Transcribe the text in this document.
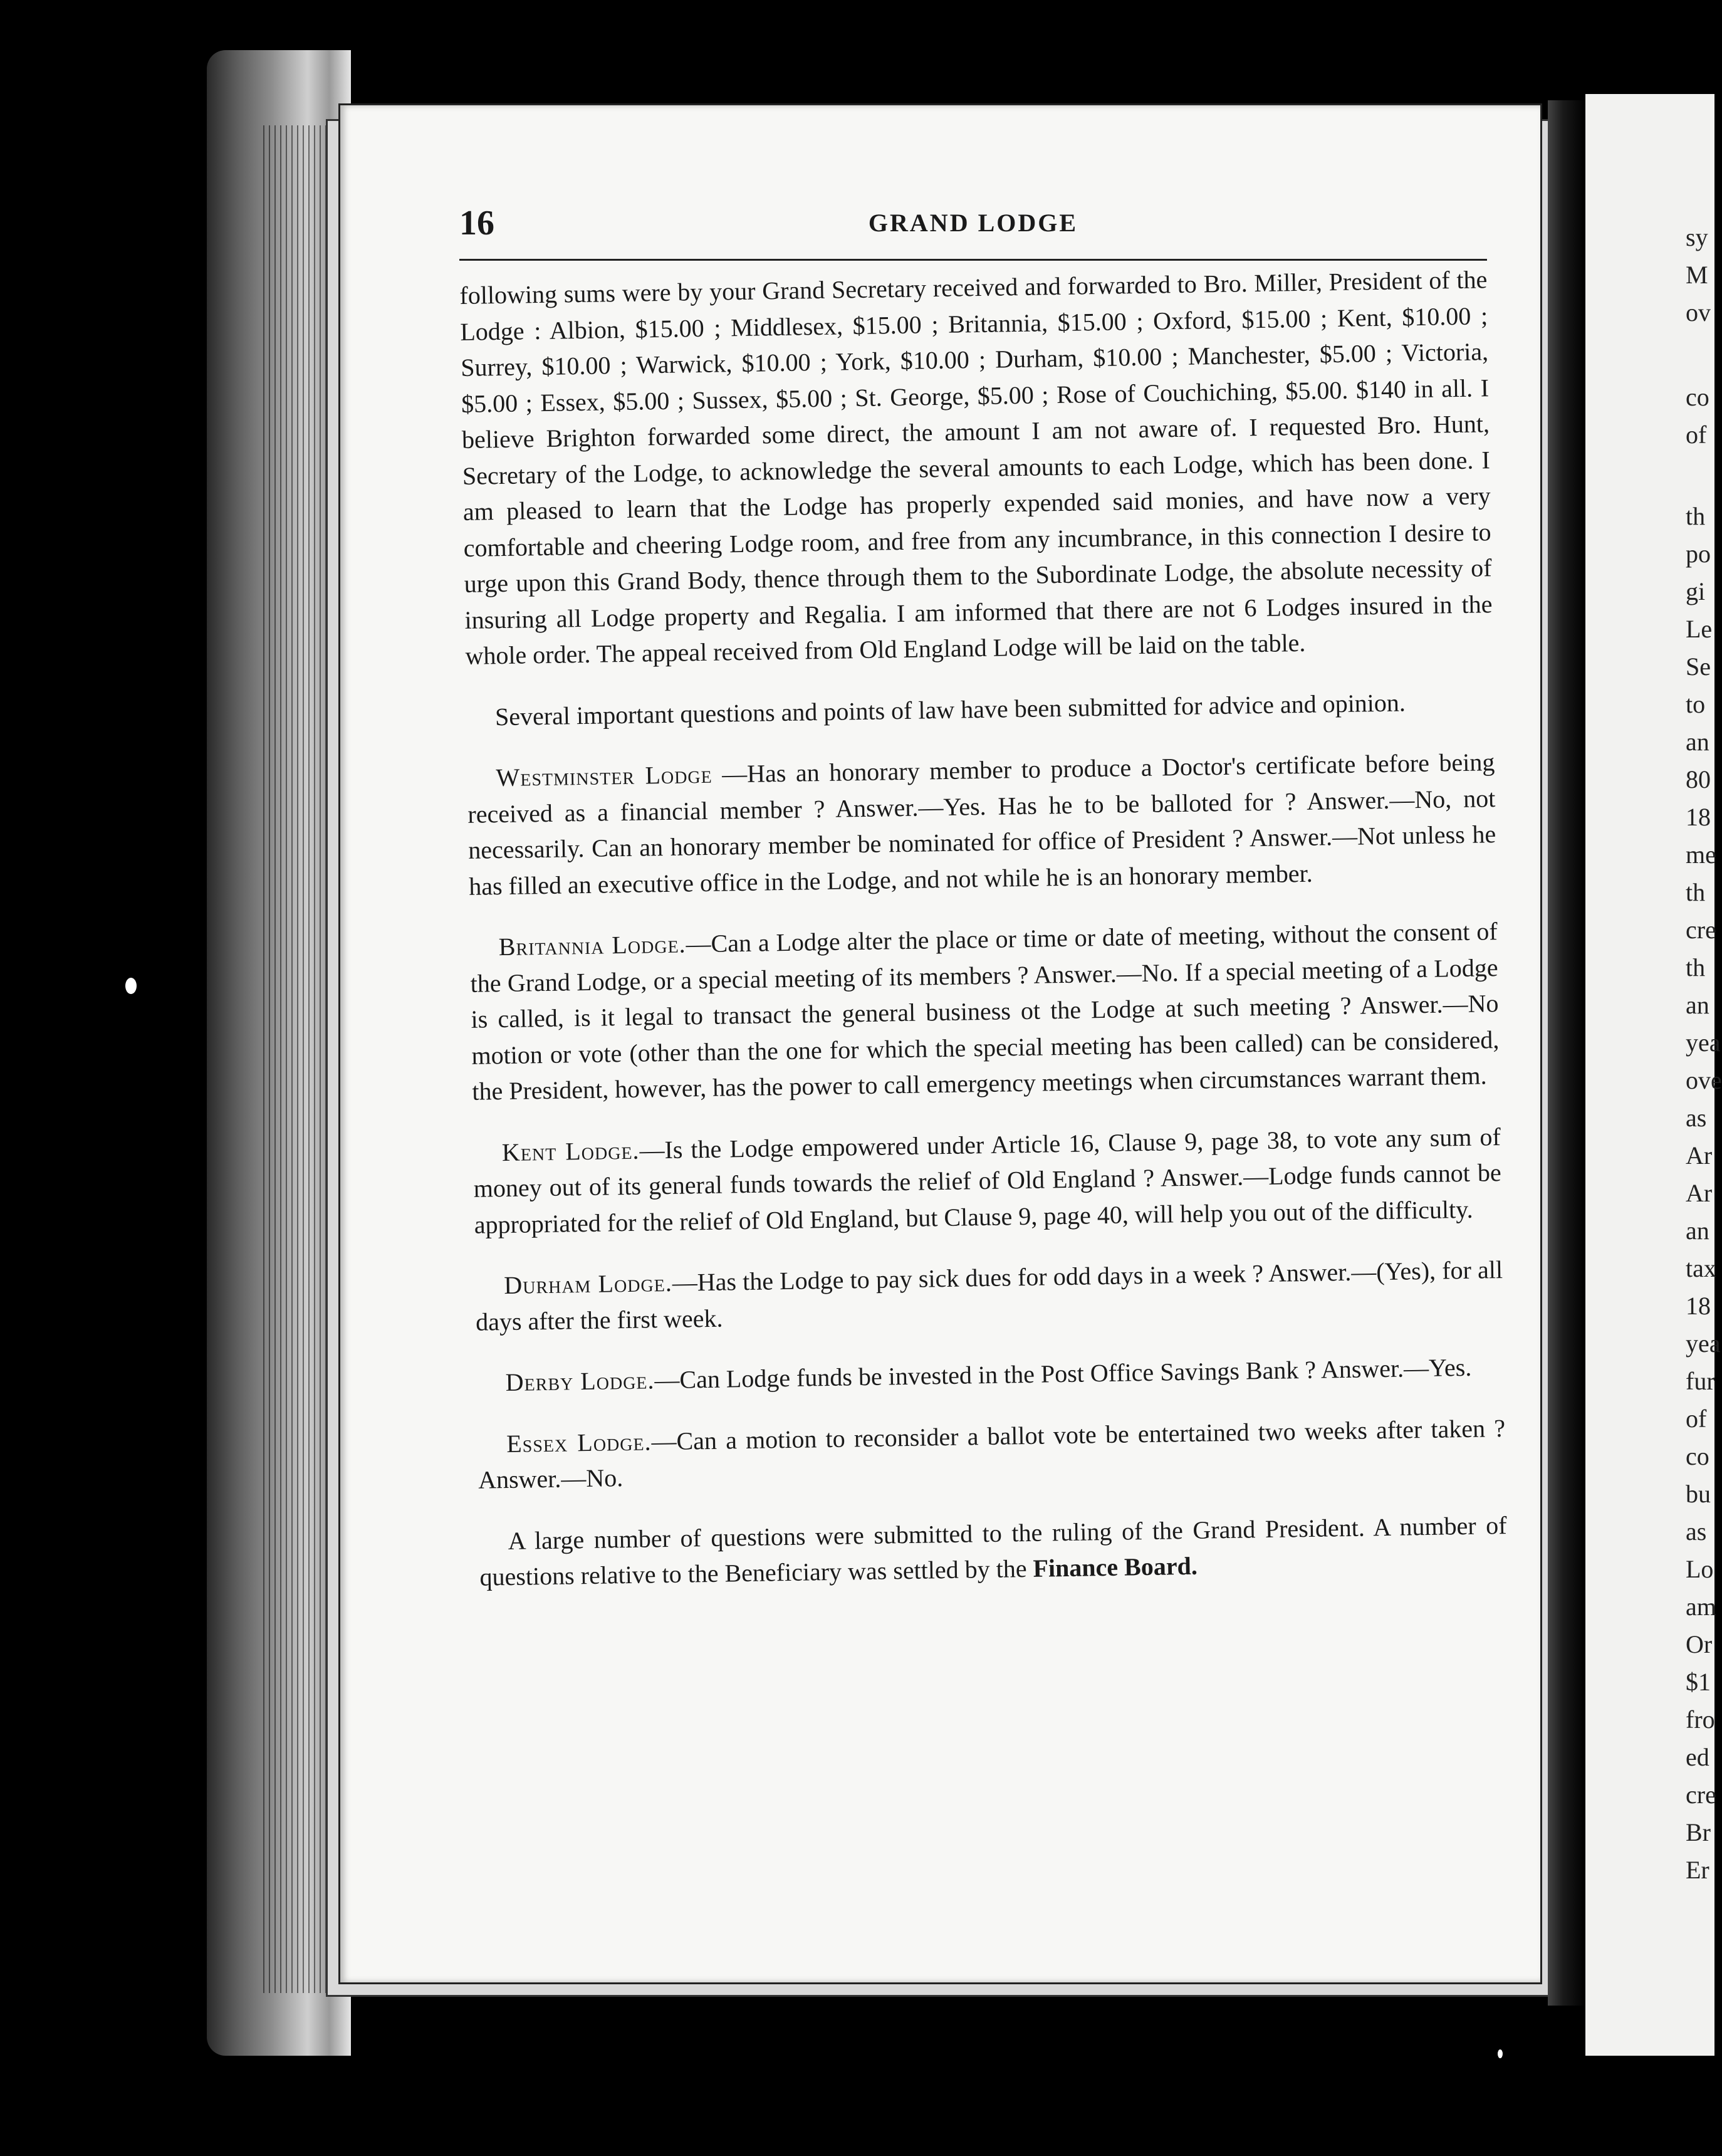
16	GRAND LODGE

following sums were by your Grand Secretary received and forwarded to Bro. Miller, President of the Lodge : Albion, $15.00 ; Middlesex, $15.00 ; Britannia, $15.00 ; Oxford, $15.00 ; Kent, $10.00 ; Surrey, $10.00 ; Warwick, $10.00 ; York, $10.00 ; Durham, $10.00 ; Manchester, $5.00 ; Victoria, $5.00 ; Essex, $5.00 ; Sussex, $5.00 ; St. George, $5.00 ; Rose of Couchiching, $5.00. $140 in all. I believe Brighton forwarded some direct, the amount I am not aware of. I requested Bro. Hunt, Secretary of the Lodge, to acknowledge the several amounts to each Lodge, which has been done. I am pleased to learn that the Lodge has properly expended said monies, and have now a very comfortable and cheering Lodge room, and free from any incumbrance, in this connection I desire to urge upon this Grand Body, thence through them to the Subordinate Lodge, the absolute necessity of insuring all Lodge property and Regalia. I am informed that there are not 6 Lodges insured in the whole order. The appeal received from Old England Lodge will be laid on the table.

Several important questions and points of law have been submitted for advice and opinion.

Westminster Lodge —Has an honorary member to produce a Doctor's certificate before being received as a financial member ? Answer.—Yes. Has he to be balloted for ? Answer.—No, not necessarily. Can an honorary member be nominated for office of President ? Answer.—Not unless he has filled an executive office in the Lodge, and not while he is an honorary member.

Britannia Lodge.—Can a Lodge alter the place or time or date of meeting, without the consent of the Grand Lodge, or a special meeting of its members ? Answer.—No. If a special meeting of a Lodge is called, is it legal to transact the general business ot the Lodge at such meeting ? Answer.—No motion or vote (other than the one for which the special meeting has been called) can be considered, the President, however, has the power to call emergency meetings when circumstances warrant them.

Kent Lodge.—Is the Lodge empowered under Article 16, Clause 9, page 38, to vote any sum of money out of its general funds towards the relief of Old England ? Answer.—Lodge funds cannot be appropriated for the relief of Old England, but Clause 9, page 40, will help you out of the difficulty.

Durham Lodge.—Has the Lodge to pay sick dues for odd days in a week ? Answer.—(Yes), for all days after the first week.

Derby Lodge.—Can Lodge funds be invested in the Post Office Savings Bank ? Answer.—Yes.

Essex Lodge.—Can a motion to reconsider a ballot vote be entertained two weeks after taken ? Answer.—No.

A large number of questions were submitted to the ruling of the Grand President. A number of questions relative to the Beneficiary was settled by the Finance Board.

sy
M
ov
co
of
th
po
gi
Le
Se
to
an
80
18
me
th
cre
th
an
yea
ove
as
Ar
Ar
an
tax
18
yea
fur
of
co
bu
as
Lo
am
Or
$1
fro
ed
cre
Br
Er
